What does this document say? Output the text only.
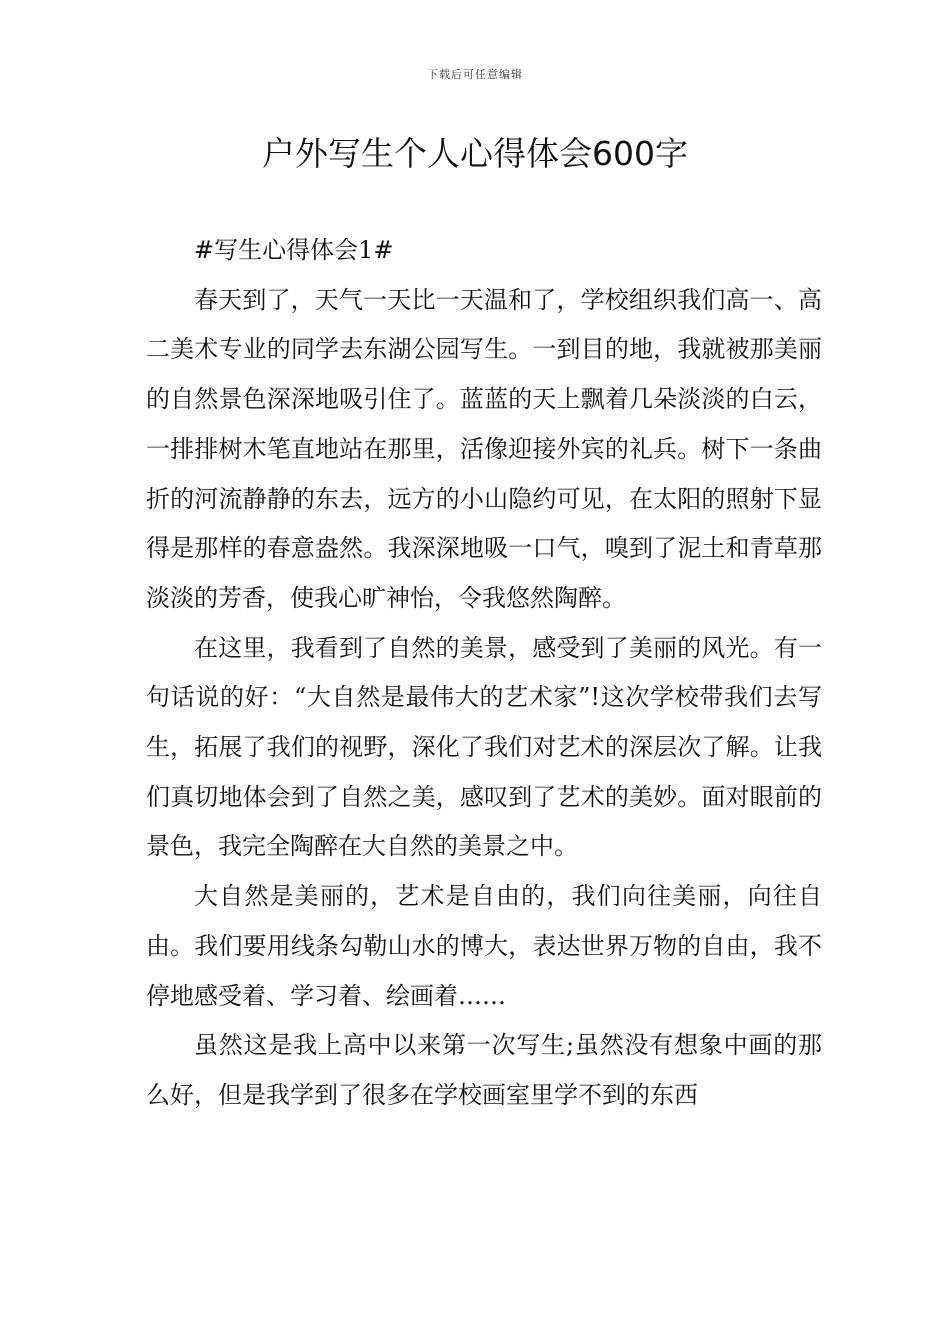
下载后可任意编辑
户外写生个人心得体会600字

#写生心得体会1#

春天到了，天气一天比一天温和了，学校组织我们高一、高二美术专业的同学去东湖公园写生。一到目的地，我就被那美丽的自然景色深深地吸引住了。蓝蓝的天上飘着几朵淡淡的白云，一排排树木笔直地站在那里，活像迎接外宾的礼兵。树下一条曲折的河流静静的东去，远方的小山隐约可见，在太阳的照射下显得是那样的春意盎然。我深深地吸一口气，嗅到了泥土和青草那淡淡的芳香，使我心旷神怡，令我悠然陶醉。

在这里，我看到了自然的美景，感受到了美丽的风光。有一句话说的好：“大自然是最伟大的艺术家”!这次学校带我们去写生，拓展了我们的视野，深化了我们对艺术的深层次了解。让我们真切地体会到了自然之美，感叹到了艺术的美妙。面对眼前的景色，我完全陶醉在大自然的美景之中。

大自然是美丽的，艺术是自由的，我们向往美丽，向往自由。我们要用线条勾勒山水的博大，表达世界万物的自由，我不停地感受着、学习着、绘画着……

虽然这是我上高中以来第一次写生;虽然没有想象中画的那么好，但是我学到了很多在学校画室里学不到的东西
